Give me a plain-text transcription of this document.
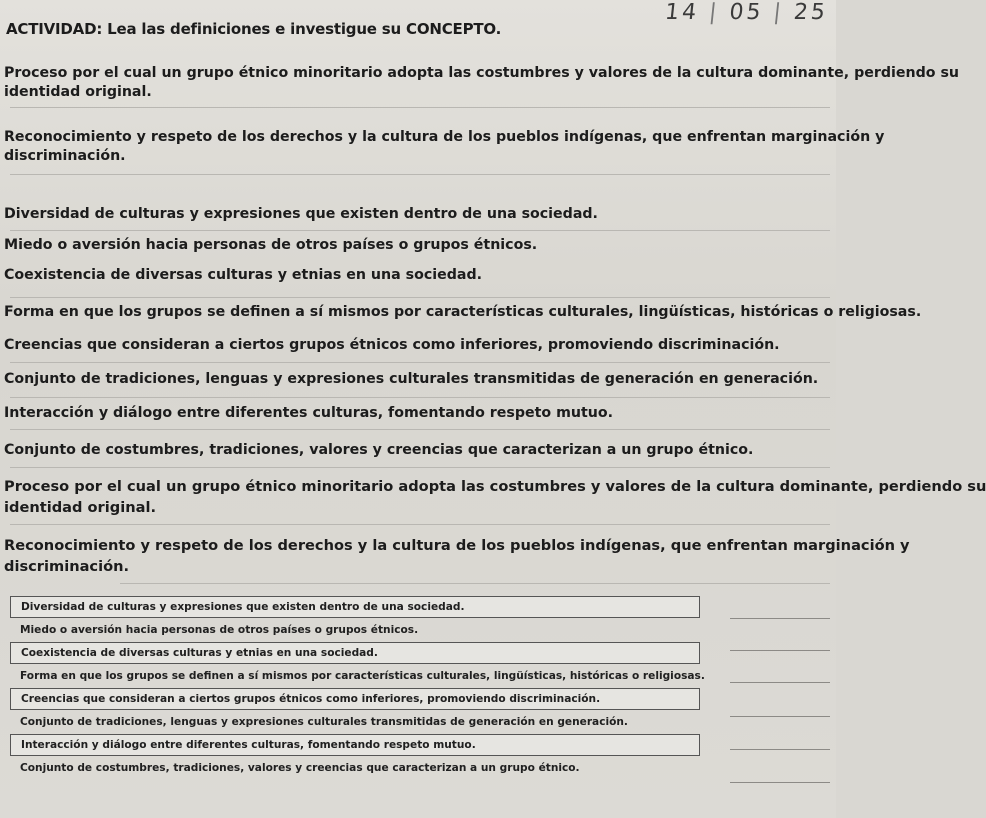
14 | 05 | 25
ACTIVIDAD: Lea las definiciones e investigue su CONCEPTO.
Proceso por el cual un grupo étnico minoritario adopta las costumbres y valores de la cultura dominante, perdiendo su
identidad original.
Reconocimiento y respeto de los derechos y la cultura de los pueblos indígenas, que enfrentan marginación y
discriminación.
Diversidad de culturas y expresiones que existen dentro de una sociedad.
Miedo o aversión hacia personas de otros países o grupos étnicos.
Coexistencia de diversas culturas y etnias en una sociedad.
Forma en que los grupos se definen a sí mismos por características culturales, lingüísticas, históricas o religiosas.
Creencias que consideran a ciertos grupos étnicos como inferiores, promoviendo discriminación.
Conjunto de tradiciones, lenguas y expresiones culturales transmitidas de generación en generación.
Interacción y diálogo entre diferentes culturas, fomentando respeto mutuo.
Conjunto de costumbres, tradiciones, valores y creencias que caracterizan a un grupo étnico.
Proceso por el cual un grupo étnico minoritario adopta las costumbres y valores de la cultura dominante, perdiendo su
identidad original.
Reconocimiento y respeto de los derechos y la cultura de los pueblos indígenas, que enfrentan marginación y
discriminación.
Diversidad de culturas y expresiones que existen dentro de una sociedad.
Miedo o aversión hacia personas de otros países o grupos étnicos.
Coexistencia de diversas culturas y etnias en una sociedad.
Forma en que los grupos se definen a sí mismos por características culturales, lingüísticas, históricas o religiosas.
Creencias que consideran a ciertos grupos étnicos como inferiores, promoviendo discriminación.
Conjunto de tradiciones, lenguas y expresiones culturales transmitidas de generación en generación.
Interacción y diálogo entre diferentes culturas, fomentando respeto mutuo.
Conjunto de costumbres, tradiciones, valores y creencias que caracterizan a un grupo étnico.
